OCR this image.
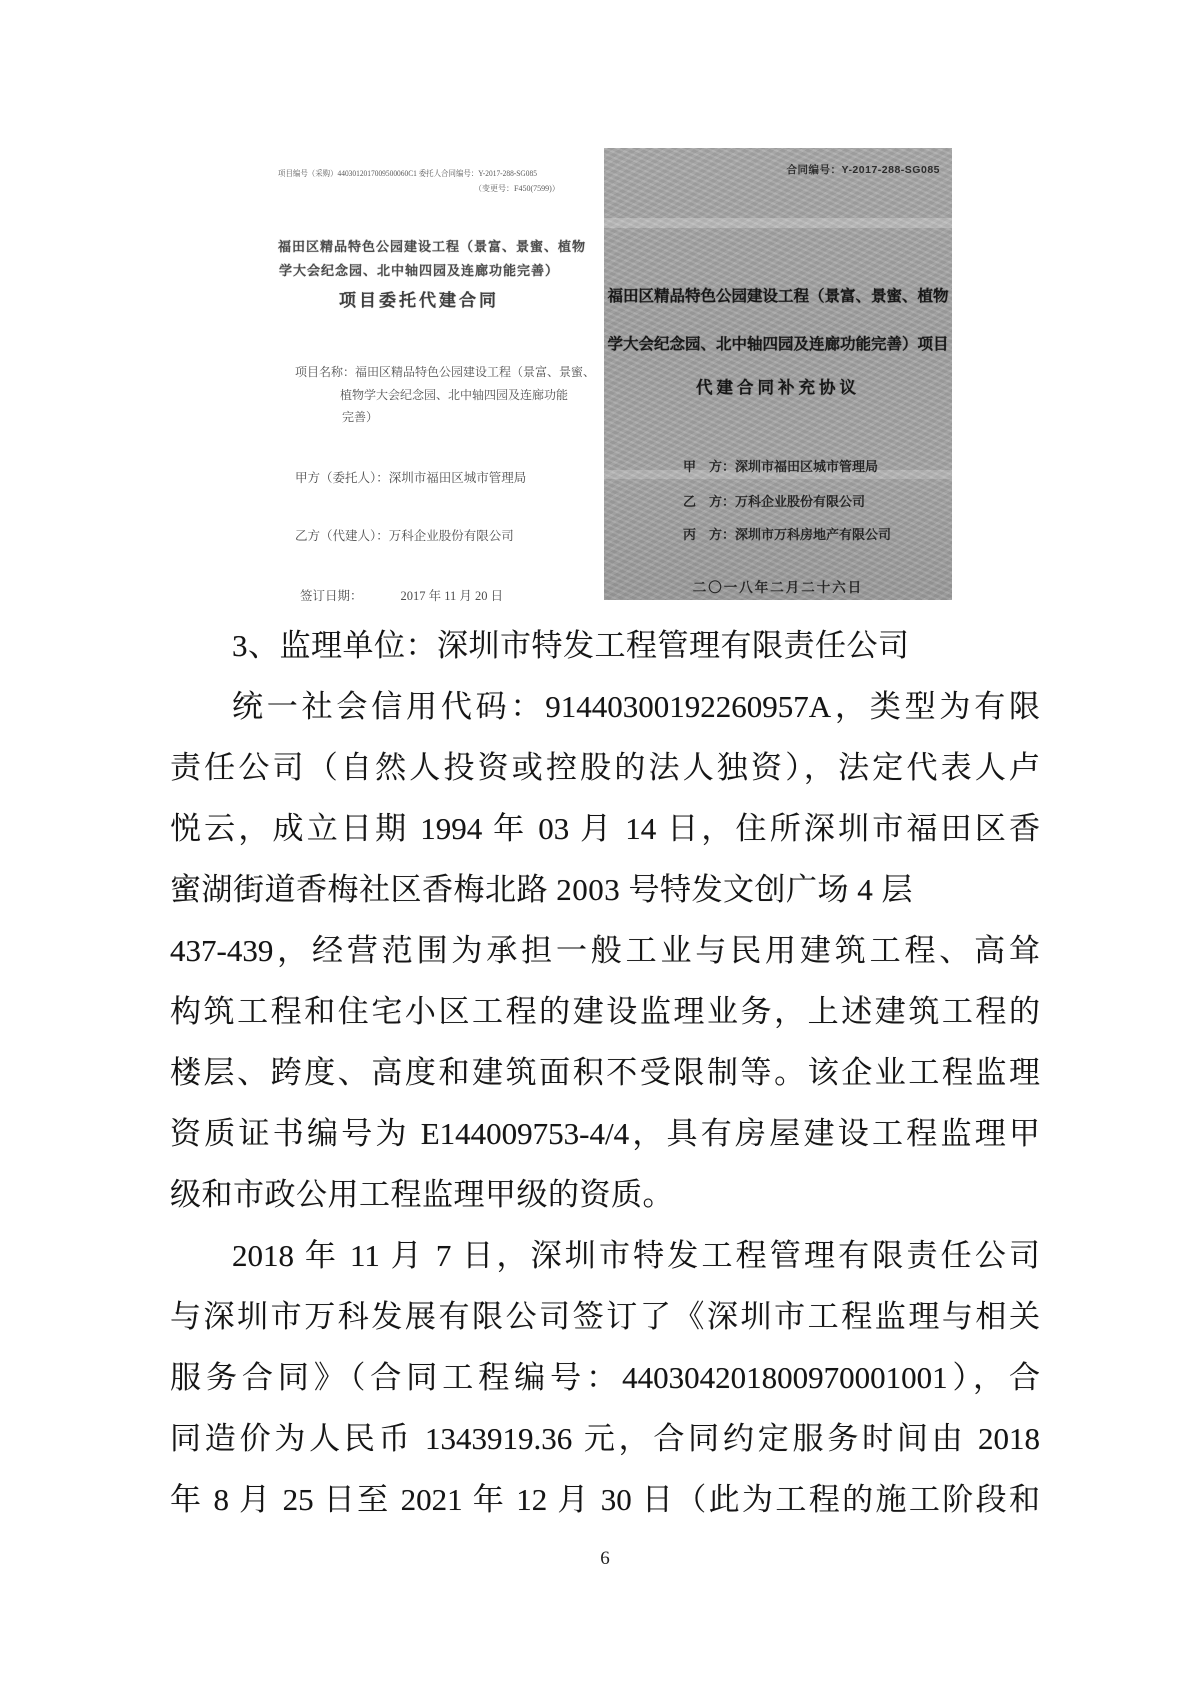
项目编号（采购）4403012017009500060C1 委托人合同编号：Y-2017-288-SG085
（变更号：F450(7599)）
福田区精品特色公园建设工程（景富、景蜜、植物
学大会纪念园、北中轴四园及连廊功能完善）
项目委托代建合同
项目名称：福田区精品特色公园建设工程（景富、景蜜、
植物学大会纪念园、北中轴四园及连廊功能
完善）
甲方（委托人）：深圳市福田区城市管理局
乙方（代建人）：万科企业股份有限公司
签订日期：	2017 年 11 月 20 日
合同编号：Y-2017-288-SG085
福田区精品特色公园建设工程（景富、景蜜、植物
学大会纪念园、北中轴四园及连廊功能完善）项目
代建合同补充协议
甲　方：深圳市福田区城市管理局
乙　方：万科企业股份有限公司
丙　方：深圳市万科房地产有限公司
二〇一八年二月二十六日
3、监理单位：深圳市特发工程管理有限责任公司
统一社会信用代码：91440300192260957A，类型为有限
责任公司（自然人投资或控股的法人独资），法定代表人卢
悦云，成立日期 1994 年 03 月 14 日，住所深圳市福田区香
蜜湖街道香梅社区香梅北路 2003 号特发文创广场 4 层
437-439，经营范围为承担一般工业与民用建筑工程、高耸
构筑工程和住宅小区工程的建设监理业务，上述建筑工程的
楼层、跨度、高度和建筑面积不受限制等。该企业工程监理
资质证书编号为 E144009753-4/4，具有房屋建设工程监理甲
级和市政公用工程监理甲级的资质。
2018 年 11 月 7 日，深圳市特发工程管理有限责任公司
与深圳市万科发展有限公司签订了《深圳市工程监理与相关
服务合同》（合同工程编号：440304201800970001001），合
同造价为人民币 1343919.36 元，合同约定服务时间由 2018
年 8 月 25 日至 2021 年 12 月 30 日（此为工程的施工阶段和
6
